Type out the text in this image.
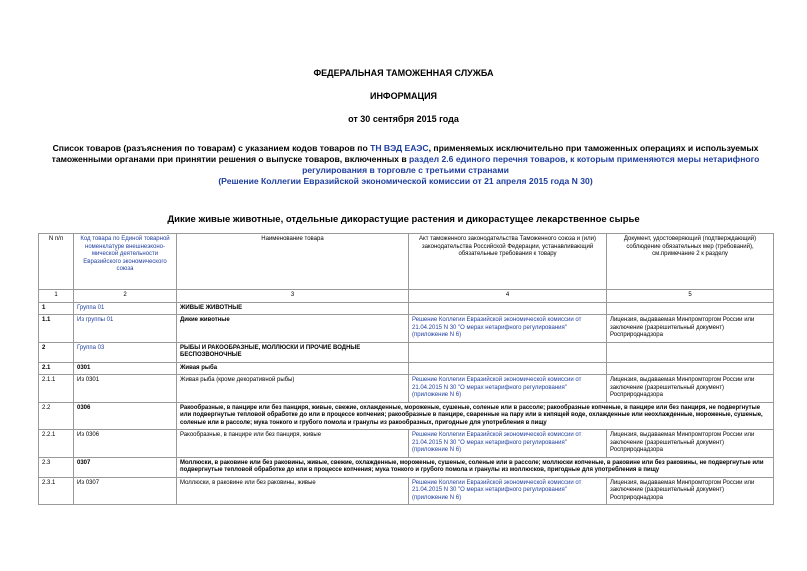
ФЕДЕРАЛЬНАЯ ТАМОЖЕННАЯ СЛУЖБА
ИНФОРМАЦИЯ
от 30 сентября 2015 года
Список товаров (разъяснения по товарам) с указанием кодов товаров по ТН ВЭД ЕАЭС, применяемых исключительно при таможенных операциях и используемых таможенными органами при принятии решения о выпуске товаров, включенных в раздел 2.6 единого перечня товаров, к которым применяются меры нетарифного регулирования в торговле с третьими странами
(Решение Коллегии Евразийской экономической комиссии от 21 апреля 2015 года N 30)
Дикие живые животные, отдельные дикорастущие растения и дикорастущее лекарственное сырье
N п/п	Код товара по Единой товарной номенклатуре внешнеэконо- мической деятельности Евразийского экономического союза	Наименование товара	Акт таможенного законодательства Таможенного союза и (или) законодательства Российской Федерации, устанавливающий обязательные требования к товару	Документ, удостоверяющий (подтверждающий) соблюдение обязательных мер (требований), см.примечание 2 к разделу
1	2	3	4	5
1	Группа 01	ЖИВЫЕ ЖИВОТНЫЕ		
1.1	Из группы 01	Дикие животные	Решение Коллегии Евразийской экономической комиссии от 21.04.2015 N 30 "О мерах нетарифного регулирования" (приложение N 6)	Лицензия, выдаваемая Минпромторгом России или заключение (разрешительный документ) Росприроднадзора
2	Группа 03	РЫБЫ И РАКООБРАЗНЫЕ, МОЛЛЮСКИ И ПРОЧИЕ ВОДНЫЕ БЕСПОЗВОНОЧНЫЕ		
2.1	0301	Живая рыба		
2.1.1	Из 0301	Живая рыба (кроме декоративной рыбы)	Решение Коллегии Евразийской экономической комиссии от 21.04.2015 N 30 "О мерах нетарифного регулирования" (приложение N 6)	Лицензия, выдаваемая Минпромторгом России или заключение (разрешительный документ) Росприроднадзора
2.2	0306	Ракообразные, в панцире или без панциря, живые, свежие, охлажденные, мороженые, сушеные, соленые или в рассоле; ракообразные копченые, в панцире или без панциря, не подвергнутые или подвергнутые тепловой обработке до или в процессе копчения; ракообразные в панцире, сваренные на пару или в кипящей воде, охлажденные или неохлажденные, мороженые, сушеные, соленые или в рассоле; мука тонкого и грубого помола и гранулы из ракообразных, пригодные для употребления в пищу		
2.2.1	Из 0306	Ракообразные, в панцире или без панциря, живые	Решение Коллегии Евразийской экономической комиссии от 21.04.2015 N 30 "О мерах нетарифного регулирования" (приложение N 6)	Лицензия, выдаваемая Минпромторгом России или заключение (разрешительный документ) Росприроднадзора
2.3	0307	Моллюски, в раковине или без раковины, живые, свежие, охлажденные, мороженые, сушеные, соленые или в рассоле; моллюски копченые, в раковине или без раковины, не подвергнутые или подвергнутые тепловой обработке до или в процессе копчения; мука тонкого и грубого помола и гранулы из моллюсков, пригодные для употребления в пищу		
2.3.1	Из 0307	Моллюски, в раковине или без раковины, живые	Решение Коллегии Евразийской экономической комиссии от 21.04.2015 N 30 "О мерах нетарифного регулирования" (приложение N 6)	Лицензия, выдаваемая Минпромторгом России или заключение (разрешительный документ) Росприроднадзора
